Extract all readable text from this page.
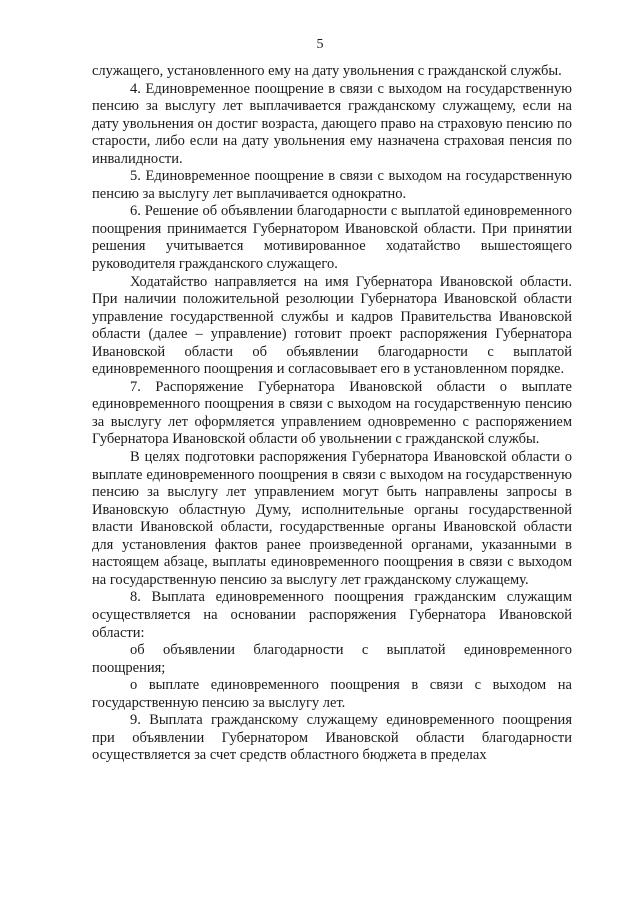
5

служащего, установленного ему на дату увольнения с гражданской службы.

4. Единовременное поощрение в связи с выходом на государственную пенсию за выслугу лет выплачивается гражданскому служащему, если на дату увольнения он достиг возраста, дающего право на страховую пенсию по старости, либо если на дату увольнения ему назначена страховая пенсия по инвалидности.

5. Единовременное поощрение в связи с выходом на государственную пенсию за выслугу лет выплачивается однократно.

6. Решение об объявлении благодарности с выплатой единовременного поощрения принимается Губернатором Ивановской области. При принятии решения учитывается мотивированное ходатайство вышестоящего руководителя гражданского служащего.

Ходатайство направляется на имя Губернатора Ивановской области. При наличии положительной резолюции Губернатора Ивановской области управление государственной службы и кадров Правительства Ивановской области (далее – управление) готовит проект распоряжения Губернатора Ивановской области об объявлении благодарности с выплатой единовременного поощрения и согласовывает его в установленном порядке.

7. Распоряжение Губернатора Ивановской области о выплате единовременного поощрения в связи с выходом на государственную пенсию за выслугу лет оформляется управлением одновременно с распоряжением Губернатора Ивановской области об увольнении с гражданской службы.

В целях подготовки распоряжения Губернатора Ивановской области о выплате единовременного поощрения в связи с выходом на государственную пенсию за выслугу лет управлением могут быть направлены запросы в Ивановскую областную Думу, исполнительные органы государственной власти Ивановской области, государственные органы Ивановской области для установления фактов ранее произведенной органами, указанными в настоящем абзаце, выплаты единовременного поощрения в связи с выходом на государственную пенсию за выслугу лет гражданскому служащему.

8. Выплата единовременного поощрения гражданским служащим осуществляется на основании распоряжения Губернатора Ивановской области:

об объявлении благодарности с выплатой единовременного поощрения;

о выплате единовременного поощрения в связи с выходом на государственную пенсию за выслугу лет.

9. Выплата гражданскому служащему единовременного поощрения при объявлении Губернатором Ивановской области благодарности осуществляется за счет средств областного бюджета в пределах
